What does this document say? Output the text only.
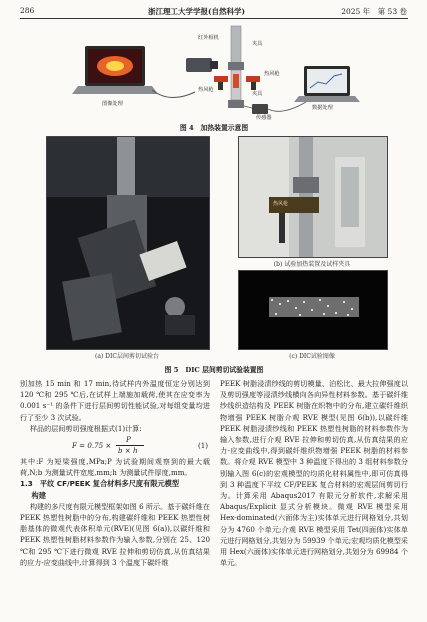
286	浙江理工大学学报(自然科学)	2025 年　第 53 卷
红外相机
夹具
热风枪
热风枪
夹具
传感器
图像处理
数据处理
图 4　加热装置示意图
(a) DIC层间剪切试验台
热风枪
(b) 试验加热装置及试样夹具
(c) DIC试验图像
图 5　DIC 层间剪切试验装置图

别加热 15 min 和 17 min,待试样内外温度恒定分别达到 120 ℃和 295 ℃后,在试样上端施加载荷,使其在应变率为 0.001 s⁻¹ 的条件下进行层间剪切性能试验,对每组变量均进行了至少 3 次试验。

样品的层间剪切强度根据式(1)计算:

F = 0.75 ×
P
b × h
(1)

其中:F 为短梁强度,MPa;P 为试验期间观察到的最大载荷,N;b 为测量试件宽度,mm;h 为测量试件厚度,mm。

1.3　平纹 CF/PEEK 复合材料多尺度有限元模型
构建

构建的多尺度有限元模型框架如图 6 所示。基于碳纤维在 PEEK 热塑性树脂中的分布,构建碳纤维和 PEEK 热塑性树脂基体的微观代表体积单元(RVE)(见图 6(a)),以碳纤维和 PEEK 热塑性树脂材料参数作为输入参数,分别在 25、120 ℃和 295 ℃下进行微观 RVE 拉伸和剪切仿真,从仿真结果的应力-应变曲线中,计算得到 3 个温度下碳纤维

PEEK 树脂浸渍纱线的剪切模量、泊松比、最大拉伸强度以及剪切强度等浸渍纱线横向各向异性材料参数。基于碳纤维纱线织造结构及 PEEK 树脂在织物中的分布,建立碳纤维织物增强 PEEK 树脂介观 RVE 模型(见图 6(b)),以碳纤维 PEEK 树脂浸渍纱线和 PEEK 热塑性树脂的材料参数作为输入参数,进行介观 RVE 拉伸和剪切仿真,从仿真结果的应力-应变曲线中,得到碳纤维织物增强 PEEK 树脂的材料参数。将介观 RVE 模型中 3 种温度下得出的 3 组材料参数分别输入图 6(c)的宏观模型的均质化材料属性中,即可仿真得到 3 种温度下平纹 CF/PEEK 复合材料的宏观层间剪切行为。计算采用 Abaqus2017 有限元分析软件,求解采用 Abaqus/Explicit 显式分析模块。微观 RVE 模型采用 Hex-dominated(六面体为主)实体单元进行网格划分,共划分为 4760 个单元;介观 RVE 模型采用 Tet(四面体)实体单元进行网格划分,共划分为 59939 个单元;宏观均质化模型采用 Hex(六面体)实体单元进行网格划分,共划分为 69984 个单元。
